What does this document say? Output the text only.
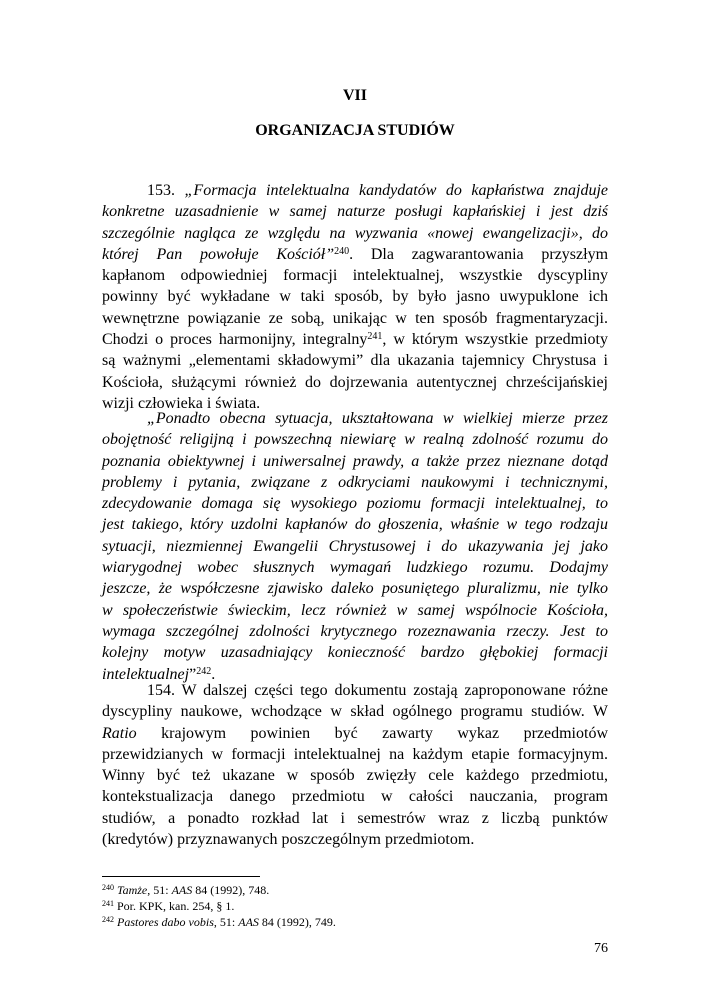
VII
ORGANIZACJA STUDIÓW
153. „Formacja intelektualna kandydatów do kapłaństwa znajduje
konkretne uzasadnienie w samej naturze posługi kapłańskiej i jest dziś
szczególnie nagląca ze względu na wyzwania «nowej ewangelizacji», do
której Pan powołuje Kościół”$^{240}$. Dla zagwarantowania przyszłym
kapłanom odpowiedniej formacji intelektualnej, wszystkie dyscypliny
powinny być wykładane w taki sposób, by było jasno uwypuklone ich
wewnętrzne powiązanie ze sobą, unikając w ten sposób fragmentaryzacji.
Chodzi o proces harmonijny, integralny$^{241}$, w którym wszystkie przedmioty
są ważnymi „elementami składowymi” dla ukazania tajemnicy Chrystusa i
Kościoła, służącymi również do dojrzewania autentycznej chrześcijańskiej
wizji człowieka i świata.
„Ponadto obecna sytuacja, ukształtowana w wielkiej mierze przez
obojętność religijną i powszechną niewiarę w realną zdolność rozumu do
poznania obiektywnej i uniwersalnej prawdy, a także przez nieznane dotąd
problemy i pytania, związane z odkryciami naukowymi i technicznymi,
zdecydowanie domaga się wysokiego poziomu formacji intelektualnej, to
jest takiego, który uzdolni kapłanów do głoszenia, właśnie w tego rodzaju
sytuacji, niezmiennej Ewangelii Chrystusowej i do ukazywania jej jako
wiarygodnej wobec słusznych wymagań ludzkiego rozumu. Dodajmy
jeszcze, że współczesne zjawisko daleko posuniętego pluralizmu, nie tylko
w społeczeństwie świeckim, lecz również w samej wspólnocie Kościoła,
wymaga szczególnej zdolności krytycznego rozeznawania rzeczy. Jest to
kolejny motyw uzasadniający konieczność bardzo głębokiej formacji
intelektualnej”$^{242}$.
154. W dalszej części tego dokumentu zostają zaproponowane różne
dyscypliny naukowe, wchodzące w skład ogólnego programu studiów. W
Ratio krajowym powinien być zawarty wykaz przedmiotów
przewidzianych w formacji intelektualnej na każdym etapie formacyjnym.
Winny być też ukazane w sposób zwięzły cele każdego przedmiotu,
kontekstualizacja danego przedmiotu w całości nauczania, program
studiów, a ponadto rozkład lat i semestrów wraz z liczbą punktów
(kredytów) przyznawanych poszczególnym przedmiotom.
$^{240}$ Tamże, 51: AAS 84 (1992), 748.
$^{241}$ Por. KPK, kan. 254, § 1.
$^{242}$ Pastores dabo vobis, 51: AAS 84 (1992), 749.
76
